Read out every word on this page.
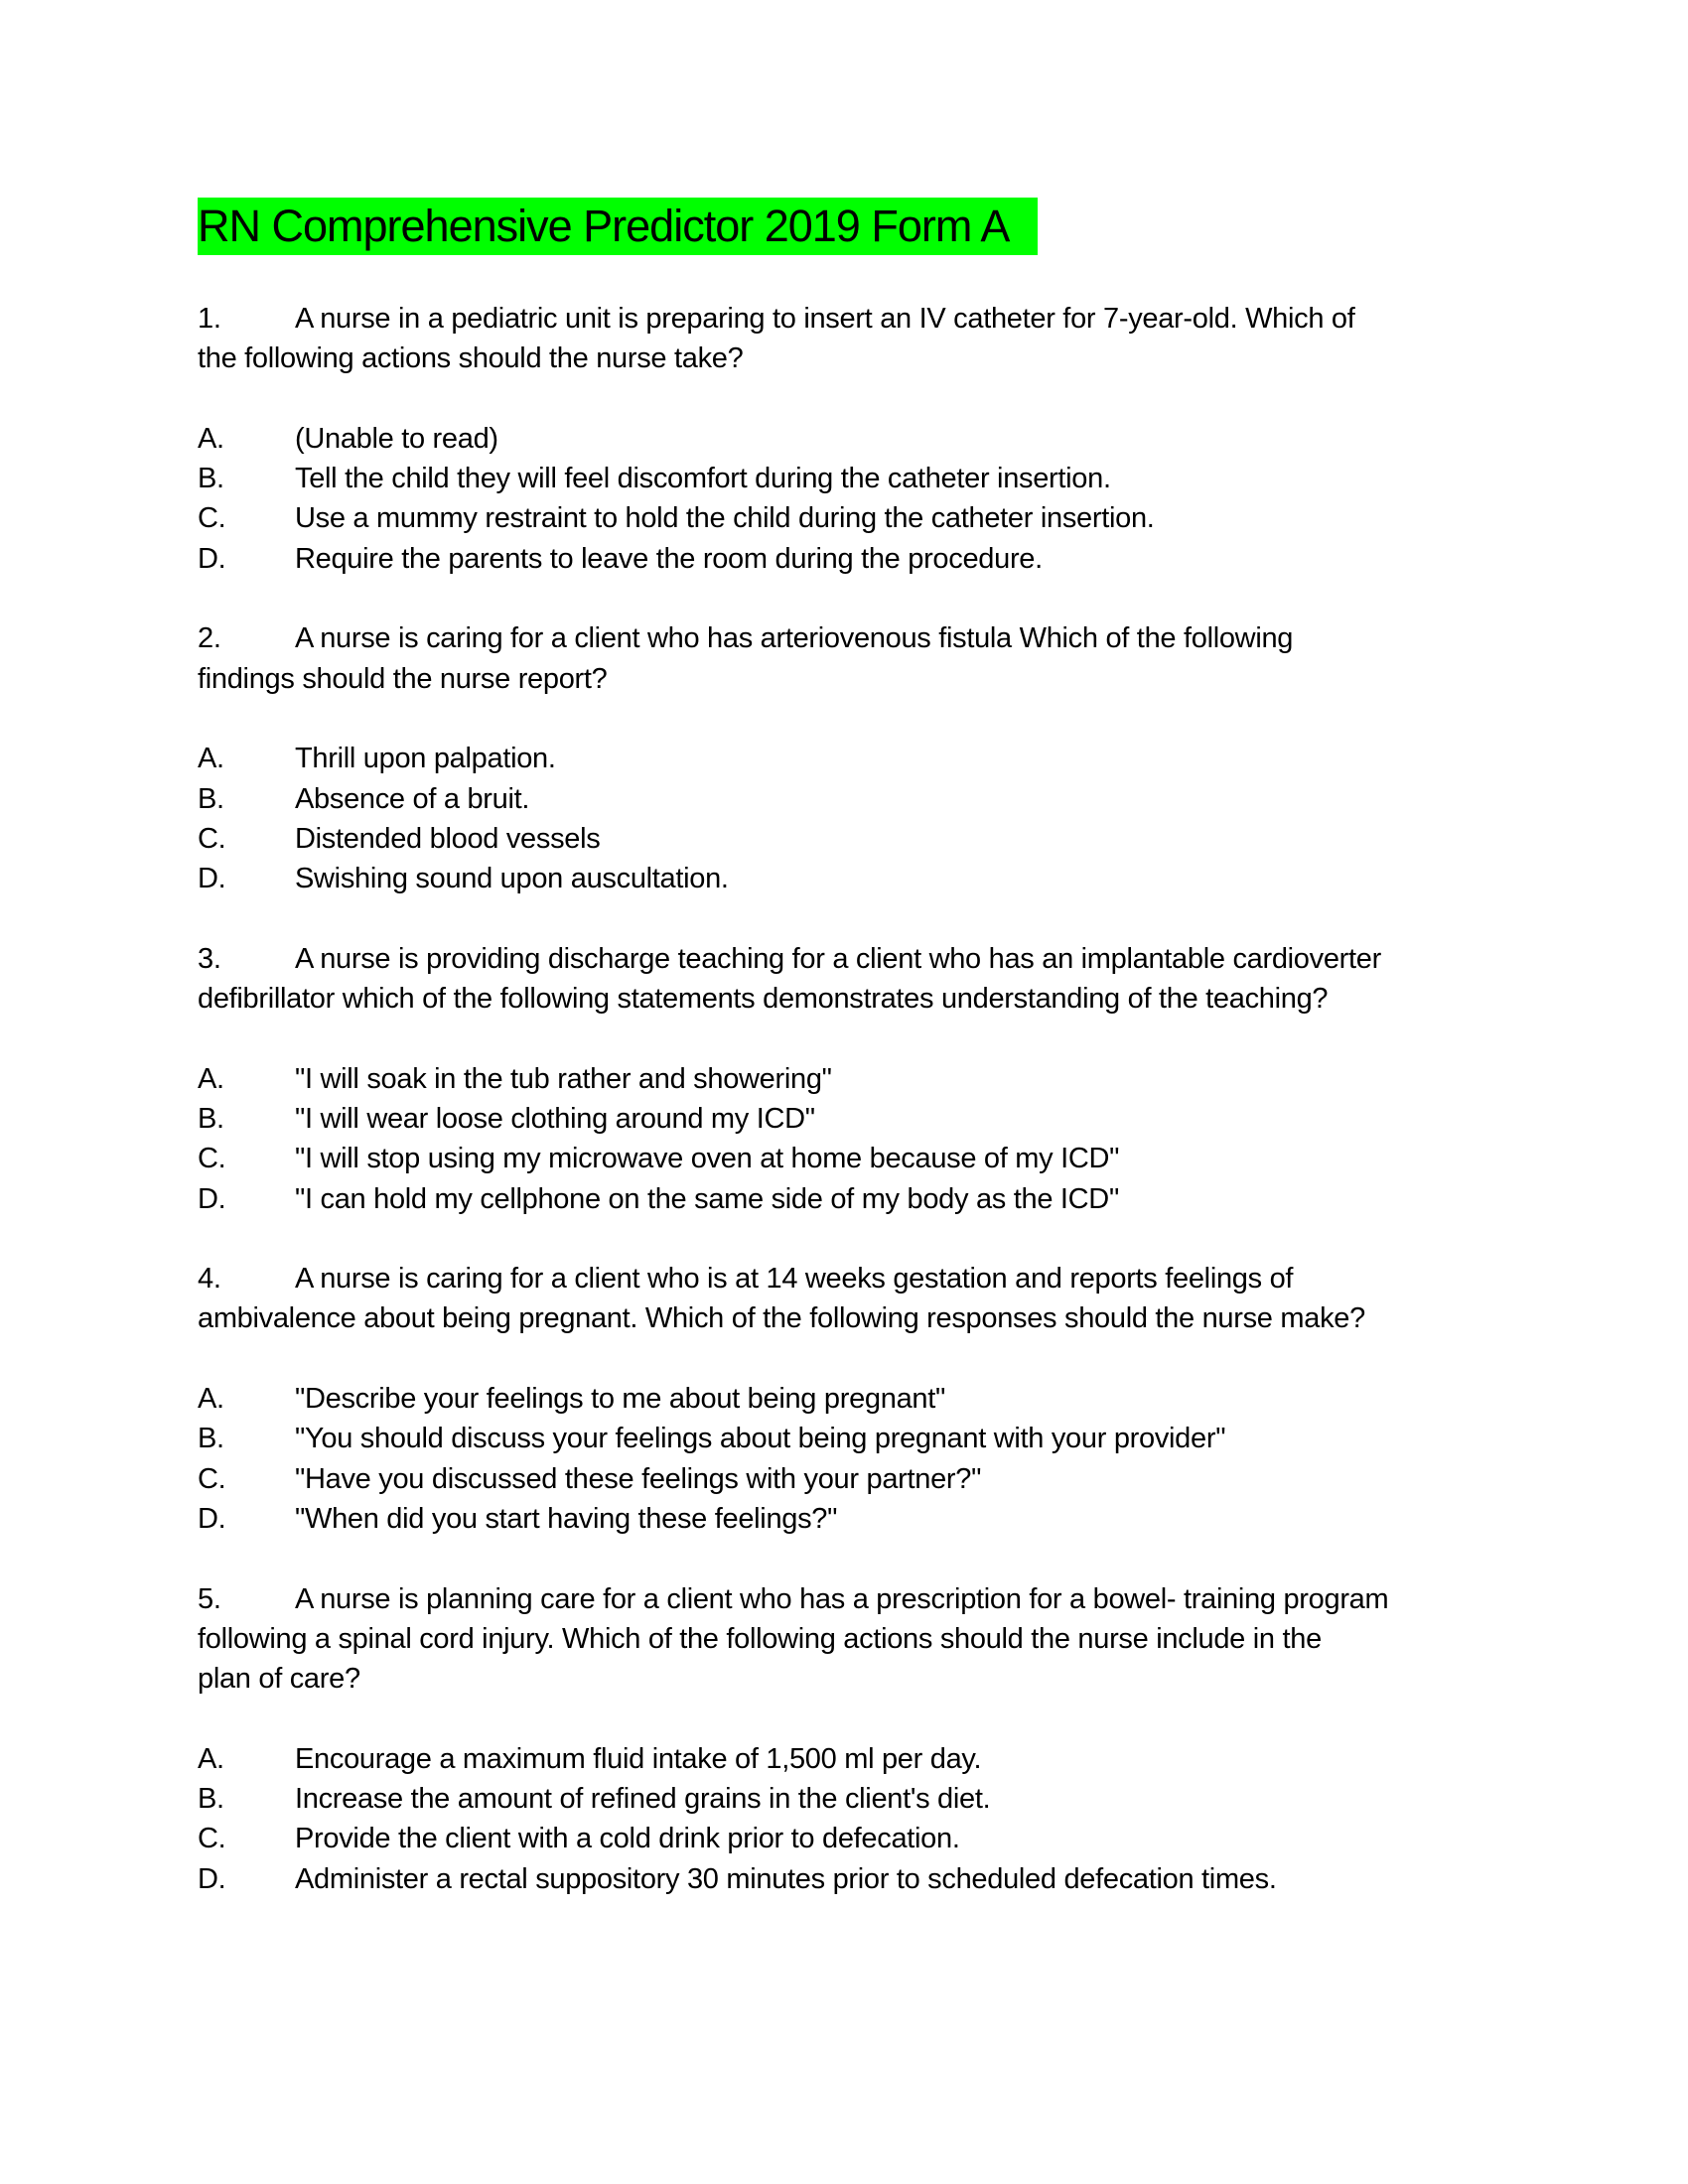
RN Comprehensive Predictor 2019 Form A
1.	A nurse in a pediatric unit is preparing to insert an IV catheter for 7-year-old. Which of
the following actions should the nurse take?
A.	(Unable to read)
B.	Tell the child they will feel discomfort during the catheter insertion.
C.	Use a mummy restraint to hold the child during the catheter insertion.
D.	Require the parents to leave the room during the procedure.
2.	A nurse is caring for a client who has arteriovenous fistula Which of the following
findings should the nurse report?
A.	Thrill upon palpation.
B.	Absence of a bruit.
C.	Distended blood vessels
D.	Swishing sound upon auscultation.
3.	A nurse is providing discharge teaching for a client who has an implantable cardioverter
defibrillator which of the following statements demonstrates understanding of the teaching?
A.	"I will soak in the tub rather and showering"
B.	"I will wear loose clothing around my ICD"
C.	"I will stop using my microwave oven at home because of my ICD"
D.	"I can hold my cellphone on the same side of my body as the ICD"
4.	A nurse is caring for a client who is at 14 weeks gestation and reports feelings of
ambivalence about being pregnant. Which of the following responses should the nurse make?
A.	"Describe your feelings to me about being pregnant"
B.	"You should discuss your feelings about being pregnant with your provider"
C.	"Have you discussed these feelings with your partner?"
D.	"When did you start having these feelings?"
5.	A nurse is planning care for a client who has a prescription for a bowel- training program
following a spinal cord injury. Which of the following actions should the nurse include in the
plan of care?
A.	Encourage a maximum fluid intake of 1,500 ml per day.
B.	Increase the amount of refined grains in the client's diet.
C.	Provide the client with a cold drink prior to defecation.
D.	Administer a rectal suppository 30 minutes prior to scheduled defecation times.
